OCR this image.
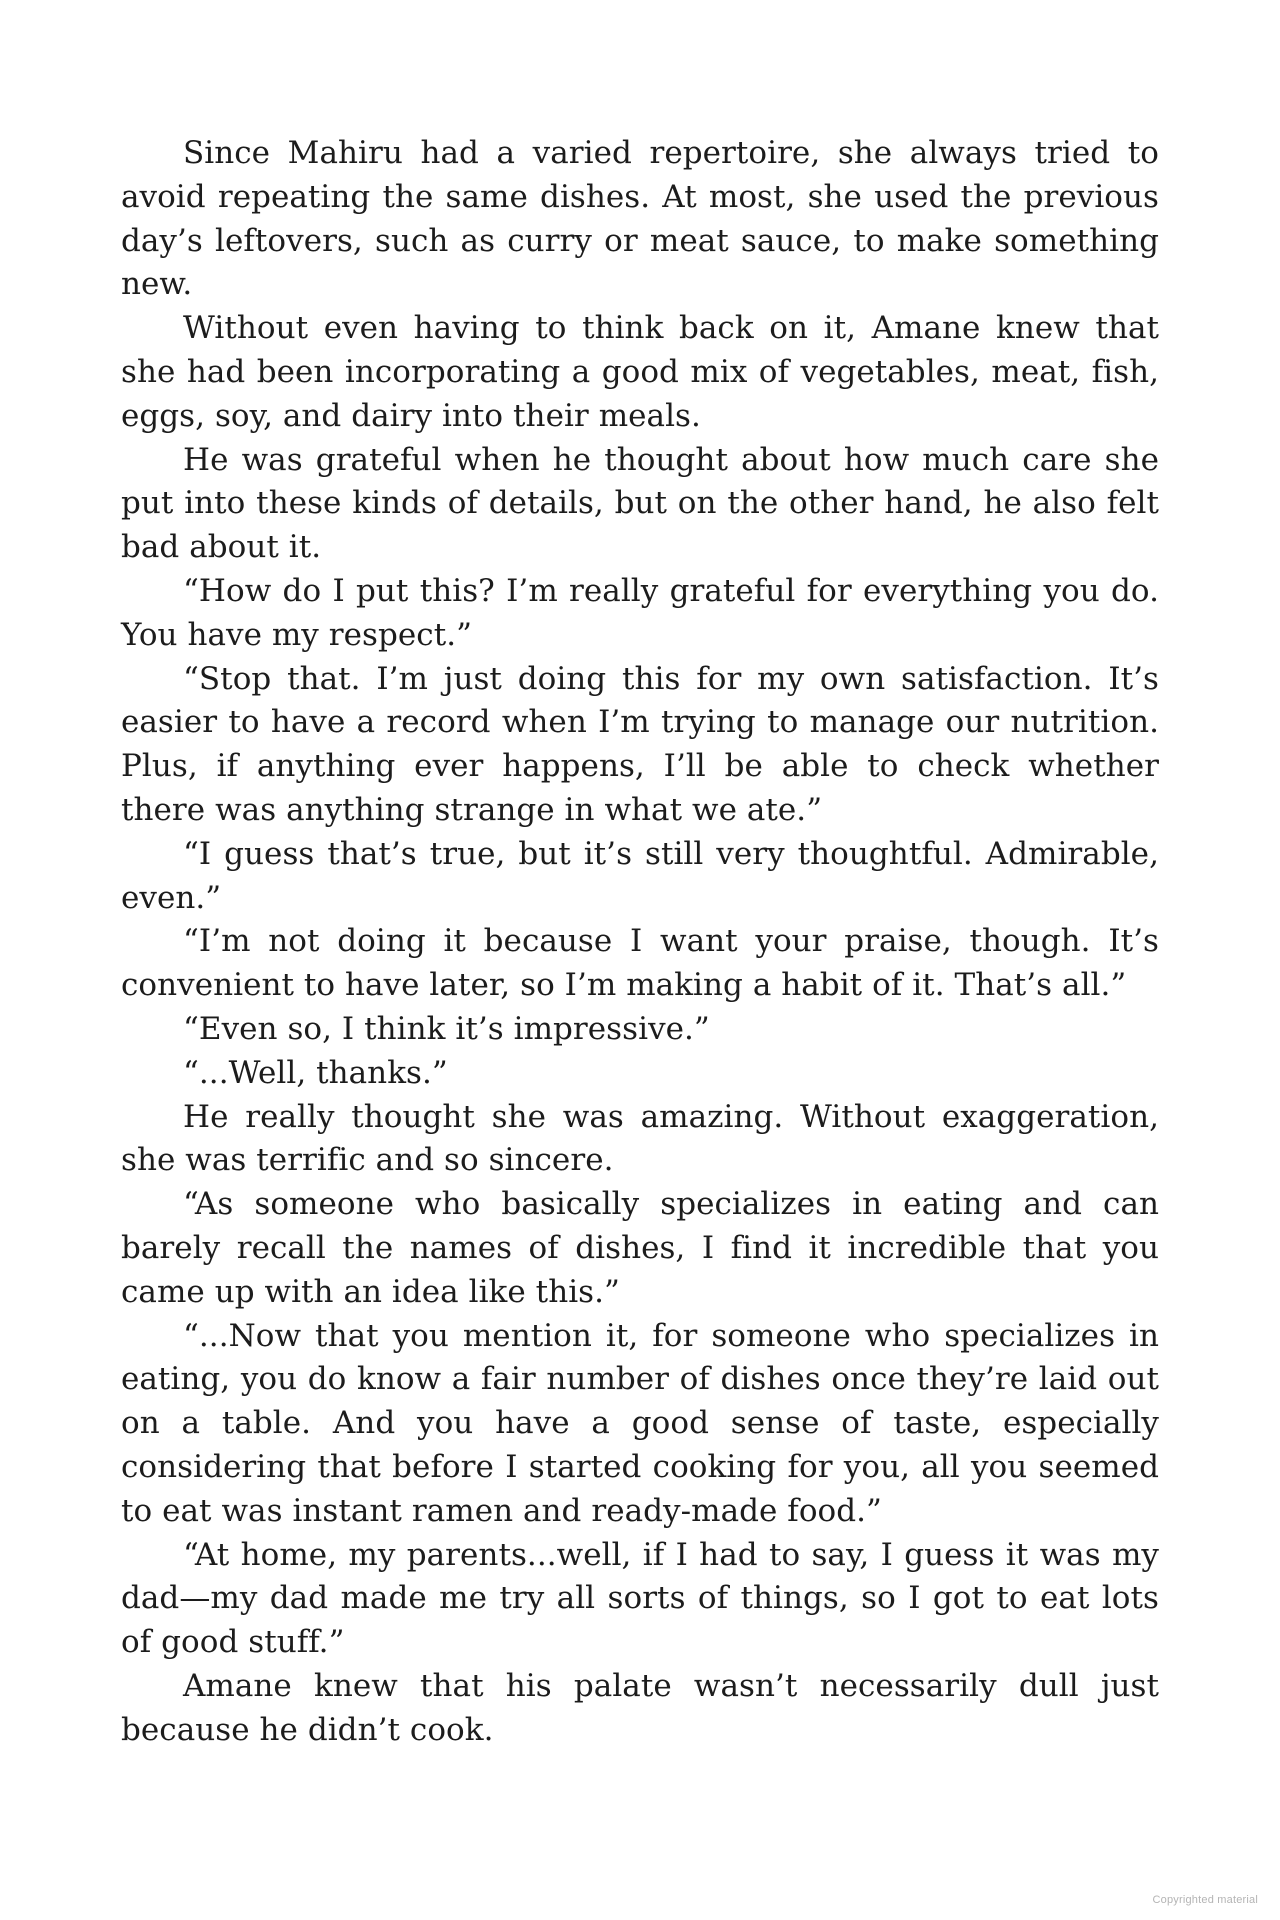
Since Mahiru had a varied repertoire, she always tried to avoid repeating the same dishes. At most, she used the previous day’s leftovers, such as curry or meat sauce, to make something new.

Without even having to think back on it, Amane knew that she had been incorporating a good mix of vegetables, meat, fish, eggs, soy, and dairy into their meals.

He was grateful when he thought about how much care she put into these kinds of details, but on the other hand, he also felt bad about it.

“How do I put this? I’m really grateful for everything you do. You have my respect.”

“Stop that. I’m just doing this for my own satisfaction. It’s easier to have a record when I’m trying to manage our nutrition. Plus, if anything ever happens, I’ll be able to check whether there was anything strange in what we ate.”

“I guess that’s true, but it’s still very thoughtful. Admirable, even.”

“I’m not doing it because I want your praise, though. It’s convenient to have later, so I’m making a habit of it. That’s all.”

“Even so, I think it’s impressive.”

“...Well, thanks.”

He really thought she was amazing. Without exaggeration, she was terrific and so sincere.

“As someone who basically specializes in eating and can barely recall the names of dishes, I find it incredible that you came up with an idea like this.”

“...Now that you mention it, for someone who specializes in eating, you do know a fair number of dishes once they’re laid out on a table. And you have a good sense of taste, especially considering that before I started cooking for you, all you seemed to eat was instant ramen and ready-made food.”

“At home, my parents...well, if I had to say, I guess it was my dad—my dad made me try all sorts of things, so I got to eat lots of good stuff.”

Amane knew that his palate wasn’t necessarily dull just because he didn’t cook.

Copyrighted material
